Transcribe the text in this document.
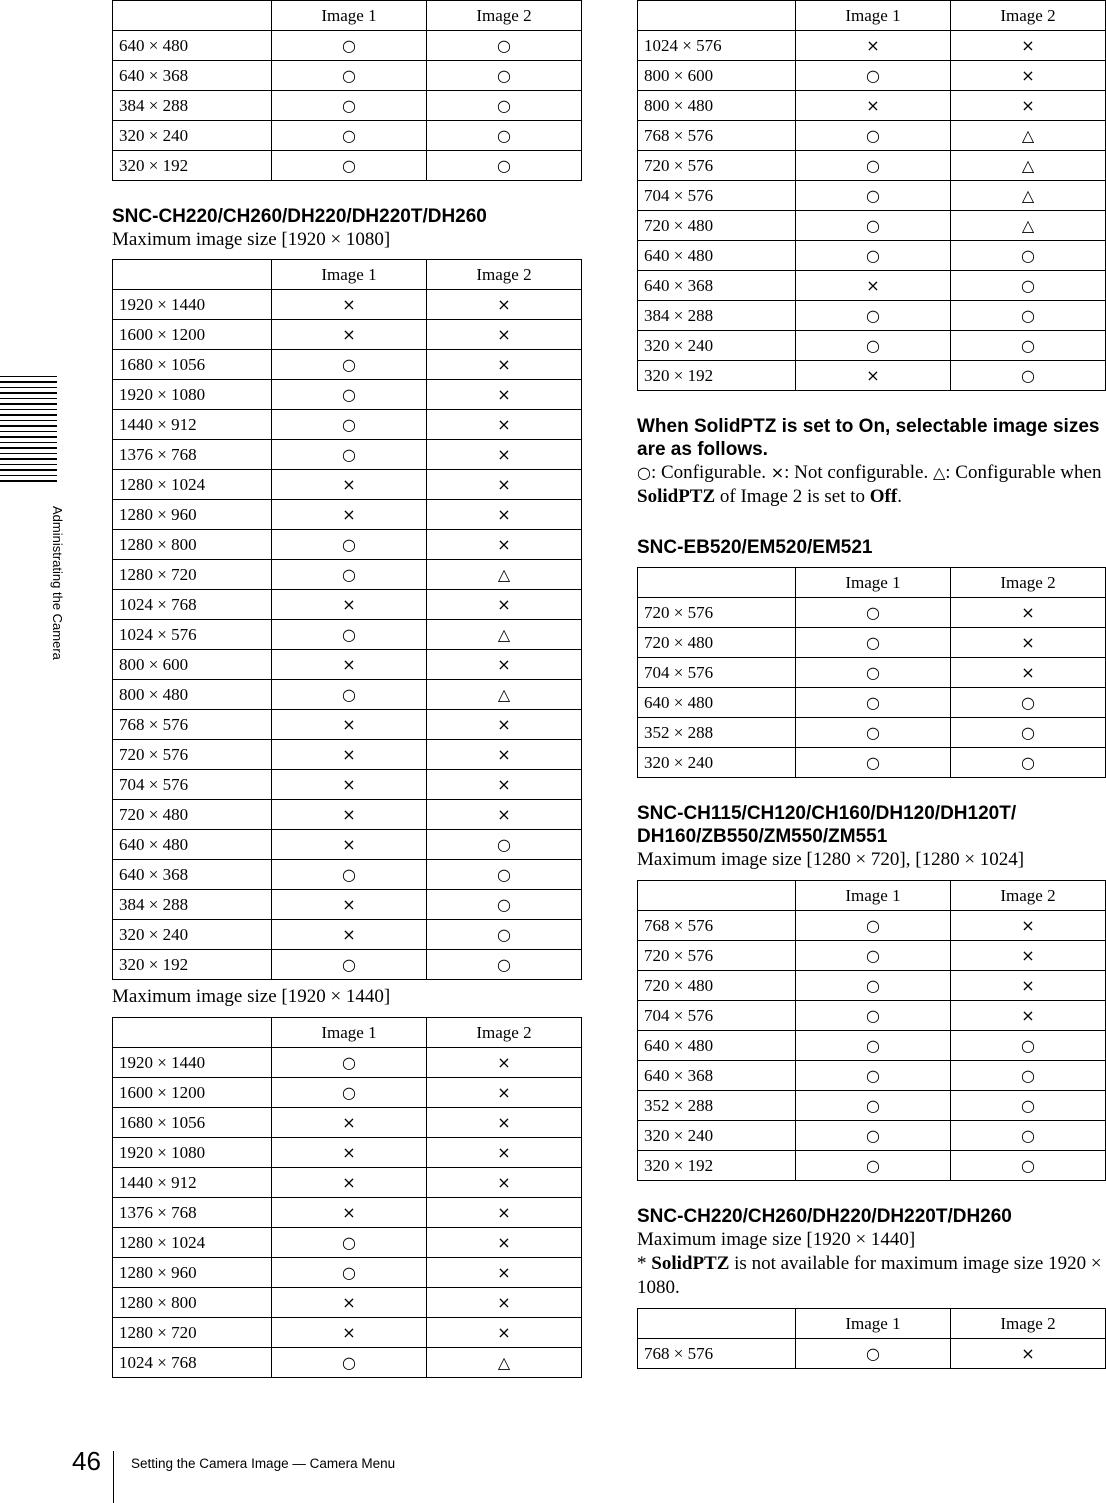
Administrating the Camera
	Image 1	Image 2
640 × 480	○	○
640 × 368	○	○
384 × 288	○	○
320 × 240	○	○
320 × 192	○	○
SNC-CH220/CH260/DH220/DH220T/DH260

Maximum image size [1920 × 1080]

	Image 1	Image 2
1920 × 1440	×	×
1600 × 1200	×	×
1680 × 1056	○	×
1920 × 1080	○	×
1440 × 912	○	×
1376 × 768	○	×
1280 × 1024	×	×
1280 × 960	×	×
1280 × 800	○	×
1280 × 720	○	△
1024 × 768	×	×
1024 × 576	○	△
800 × 600	×	×
800 × 480	○	△
768 × 576	×	×
720 × 576	×	×
704 × 576	×	×
720 × 480	×	×
640 × 480	×	○
640 × 368	○	○
384 × 288	×	○
320 × 240	×	○
320 × 192	○	○

Maximum image size [1920 × 1440]

	Image 1	Image 2
1920 × 1440	○	×
1600 × 1200	○	×
1680 × 1056	×	×
1920 × 1080	×	×
1440 × 912	×	×
1376 × 768	×	×
1280 × 1024	○	×
1280 × 960	○	×
1280 × 800	×	×
1280 × 720	×	×
1024 × 768	○	△
	Image 1	Image 2
1024 × 576	×	×
800 × 600	○	×
800 × 480	×	×
768 × 576	○	△
720 × 576	○	△
704 × 576	○	△
720 × 480	○	△
640 × 480	○	○
640 × 368	×	○
384 × 288	○	○
320 × 240	○	○
320 × 192	×	○
When SolidPTZ is set to On, selectable image sizes are as follows.

○: Configurable. ×: Not configurable. △: Configurable when SolidPTZ of Image 2 is set to Off.

SNC-EB520/EM520/EM521
	Image 1	Image 2
720 × 576	○	×
720 × 480	○	×
704 × 576	○	×
640 × 480	○	○
352 × 288	○	○
320 × 240	○	○
SNC-CH115/CH120/CH160/DH120/DH120T/
DH160/ZB550/ZM550/ZM551

Maximum image size [1280 × 720], [1280 × 1024]

	Image 1	Image 2
768 × 576	○	×
720 × 576	○	×
720 × 480	○	×
704 × 576	○	×
640 × 480	○	○
640 × 368	○	○
352 × 288	○	○
320 × 240	○	○
320 × 192	○	○
SNC-CH220/CH260/DH220/DH220T/DH260

Maximum image size [1920 × 1440]

* SolidPTZ is not available for maximum image size 1920 × 1080.

	Image 1	Image 2
768 × 576	○	×
46 Setting the Camera Image — Camera Menu
